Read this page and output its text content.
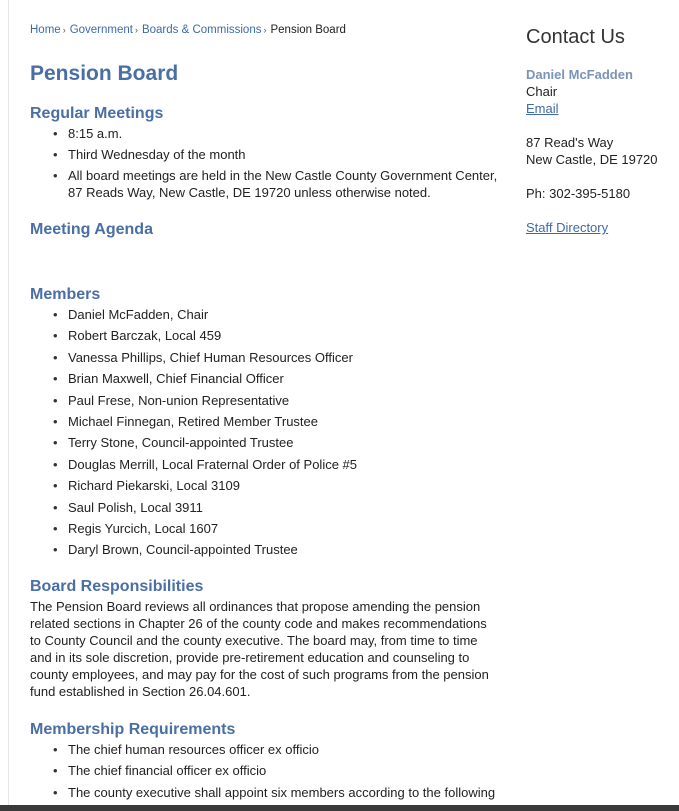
Home › Government › Boards & Commissions › Pension Board
Pension Board
Regular Meetings
• 8:15 a.m.
• Third Wednesday of the month
• All board meetings are held in the New Castle County Government Center, 87 Reads Way, New Castle, DE 19720 unless otherwise noted.
Meeting Agenda
Members
• Daniel McFadden, Chair
• Robert Barczak, Local 459
• Vanessa Phillips, Chief Human Resources Officer
• Brian Maxwell, Chief Financial Officer
• Paul Frese, Non-union Representative
• Michael Finnegan, Retired Member Trustee
• Terry Stone, Council-appointed Trustee
• Douglas Merrill, Local Fraternal Order of Police #5
• Richard Piekarski, Local 3109
• Saul Polish, Local 3911
• Regis Yurcich, Local 1607
• Daryl Brown, Council-appointed Trustee
Board Responsibilities

The Pension Board reviews all ordinances that propose amending the pension related sections in Chapter 26 of the county code and makes recommendations to County Council and the county executive. The board may, from time to time and in its sole discretion, provide pre-retirement education and counseling to county employees, and may pay for the cost of such programs from the pension fund established in Section 26.04.601.

Membership Requirements
• The chief human resources officer ex officio
• The chief financial officer ex officio
• The county executive shall appoint six members according to the following
Contact Us
Daniel McFadden
Chair
Email
87 Read's Way
New Castle, DE 19720
Ph: 302-395-5180
Staff Directory
